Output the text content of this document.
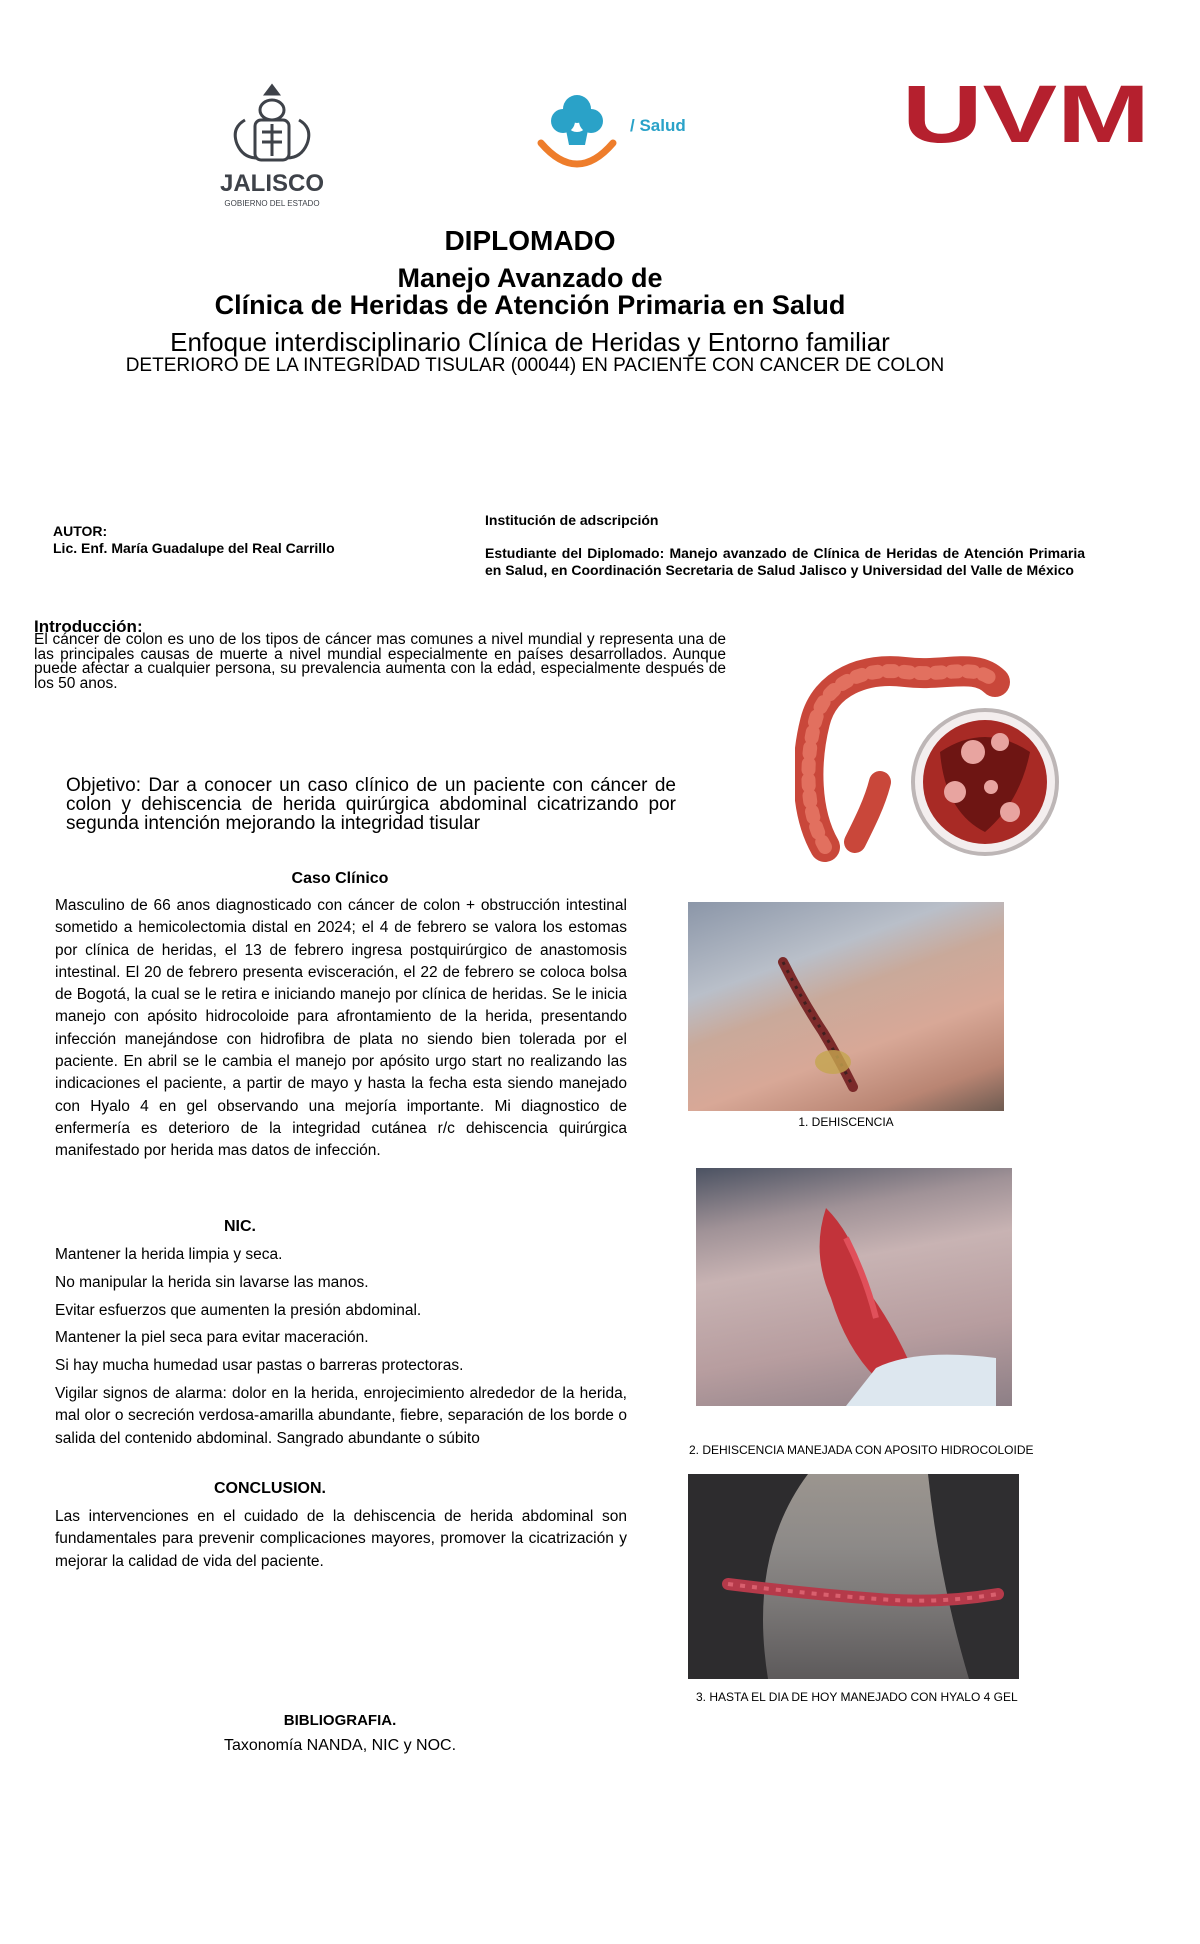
JALISCO
GOBIERNO DEL ESTADO
/ Salud	UVM
DIPLOMADO
Manejo Avanzado de
Clínica de Heridas de Atención Primaria en Salud
Enfoque interdisciplinario Clínica de Heridas y Entorno familiar
DETERIORO DE LA INTEGRIDAD TISULAR (00044) EN PACIENTE CON CANCER DE COLON
AUTOR:
Lic. Enf. María Guadalupe del Real Carrillo
Institución de adscripción
Estudiante del Diplomado: Manejo avanzado de Clínica de Heridas de Atención Primaria en Salud, en Coordinación Secretaria de Salud Jalisco y Universidad del Valle de México
Introducción:
El cáncer de colon es uno de los tipos de cáncer mas comunes a nivel mundial y representa una de las principales causas de muerte a nivel mundial especialmente en países desarrollados. Aunque puede afectar a cualquier persona, su prevalencia aumenta con la edad, especialmente después de los 50 anos.
Objetivo: Dar a conocer un caso clínico de un paciente con cáncer de colon y dehiscencia de herida quirúrgica abdominal cicatrizando por segunda intención mejorando la integridad tisular
Caso Clínico
Masculino de 66 anos diagnosticado con cáncer de colon + obstrucción intestinal sometido a hemicolectomia distal en 2024; el 4 de febrero se valora los estomas por clínica de heridas, el 13 de febrero ingresa postquirúrgico de anastomosis intestinal. El 20 de febrero presenta evisceración, el 22 de febrero se coloca bolsa de Bogotá, la cual se le retira e iniciando manejo por clínica de heridas. Se le inicia manejo con apósito hidrocoloide para afrontamiento de la herida, presentando infección manejándose con hidrofibra de plata no siendo bien tolerada por el paciente. En abril se le cambia el manejo por apósito urgo start no realizando las indicaciones el paciente, a partir de mayo y hasta la fecha esta siendo manejado con Hyalo 4 en gel observando una mejoría importante. Mi diagnostico de enfermería es deterioro de la integridad cutánea r/c dehiscencia quirúrgica manifestado por herida mas datos de infección.
NIC.

Mantener la herida limpia y seca.

No manipular la herida sin lavarse las manos.

Evitar esfuerzos que aumenten la presión abdominal.

Mantener la piel seca para evitar maceración.

Si hay mucha humedad usar pastas o barreras protectoras.

Vigilar signos de alarma: dolor en la herida, enrojecimiento alrededor de la herida, mal olor o secreción verdosa-amarilla abundante, fiebre, separación de los borde o salida del contenido abdominal. Sangrado abundante o súbito

CONCLUSION.
Las intervenciones en el cuidado de la dehiscencia de herida abdominal son fundamentales para prevenir complicaciones mayores, promover la cicatrización y mejorar la calidad de vida del paciente.
BIBLIOGRAFIA.
Taxonomía NANDA, NIC y NOC.
1. DEHISCENCIA
2. DEHISCENCIA MANEJADA CON APOSITO HIDROCOLOIDE
3. HASTA EL DIA DE HOY MANEJADO CON HYALO 4 GEL
